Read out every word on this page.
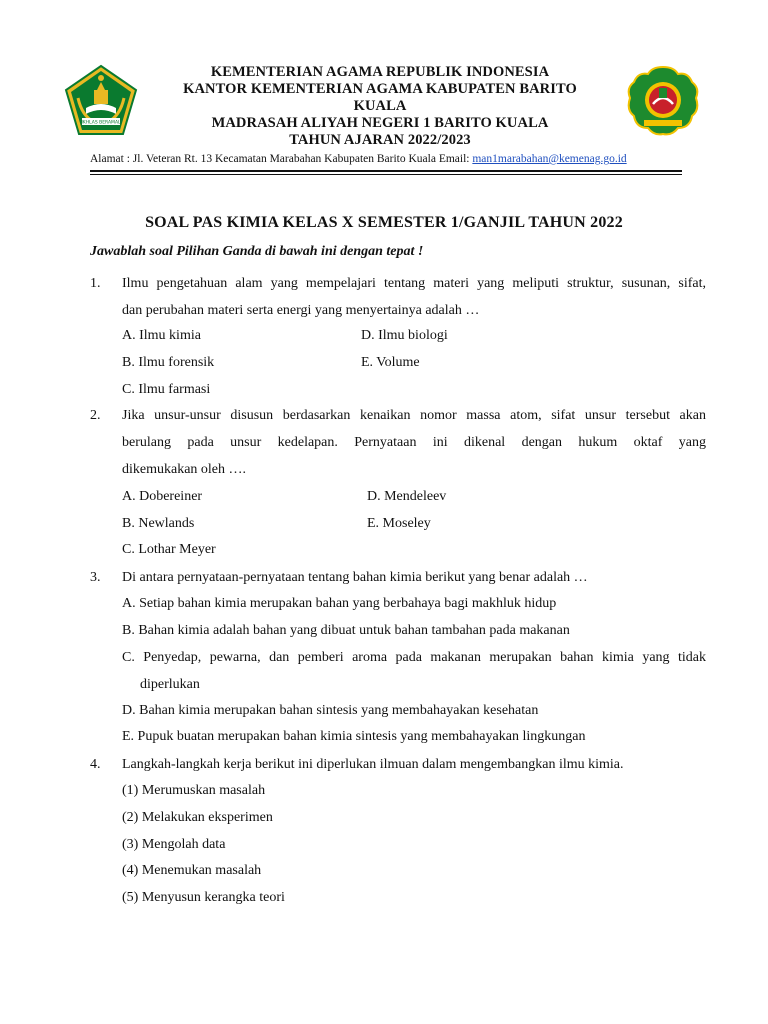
IKHLAS BERAMAL
KEMENTERIAN AGAMA REPUBLIK INDONESIA
KANTOR KEMENTERIAN AGAMA KABUPATEN BARITO
KUALA
MADRASAH ALIYAH NEGERI 1 BARITO KUALA
TAHUN AJARAN 2022/2023
Alamat : Jl. Veteran Rt. 13 Kecamatan Marabahan Kabupaten Barito Kuala Email: man1marabahan@kemenag.go.id
SOAL PAS KIMIA KELAS X SEMESTER 1/GANJIL TAHUN 2022
Jawablah soal Pilihan Ganda di bawah ini dengan tepat !
1. Ilmu pengetahuan alam yang mempelajari tentang materi yang meliputi struktur, susunan, sifat,
dan perubahan materi serta energi yang menyertainya adalah …
A. Ilmu kimia	D. Ilmu biologi
B. Ilmu forensik	E. Volume
C. Ilmu farmasi
2. Jika unsur-unsur disusun berdasarkan kenaikan nomor massa atom, sifat unsur tersebut akan
berulang pada unsur kedelapan. Pernyataan ini dikenal dengan hukum oktaf yang
dikemukakan oleh ….
A. Dobereiner	D. Mendeleev
B. Newlands	E. Moseley
C. Lothar Meyer
3. Di antara pernyataan-pernyataan tentang bahan kimia berikut yang benar adalah …
A. Setiap bahan kimia merupakan bahan yang berbahaya bagi makhluk hidup
B. Bahan kimia adalah bahan yang dibuat untuk bahan tambahan pada makanan
C. Penyedap, pewarna, dan pemberi aroma pada makanan merupakan bahan kimia yang tidak
diperlukan
D. Bahan kimia merupakan bahan sintesis yang membahayakan kesehatan
E. Pupuk buatan merupakan bahan kimia sintesis yang membahayakan lingkungan
4. Langkah-langkah kerja berikut ini diperlukan ilmuan dalam mengembangkan ilmu kimia.
(1) Merumuskan masalah
(2) Melakukan eksperimen
(3) Mengolah data
(4) Menemukan masalah
(5) Menyusun kerangka teori
